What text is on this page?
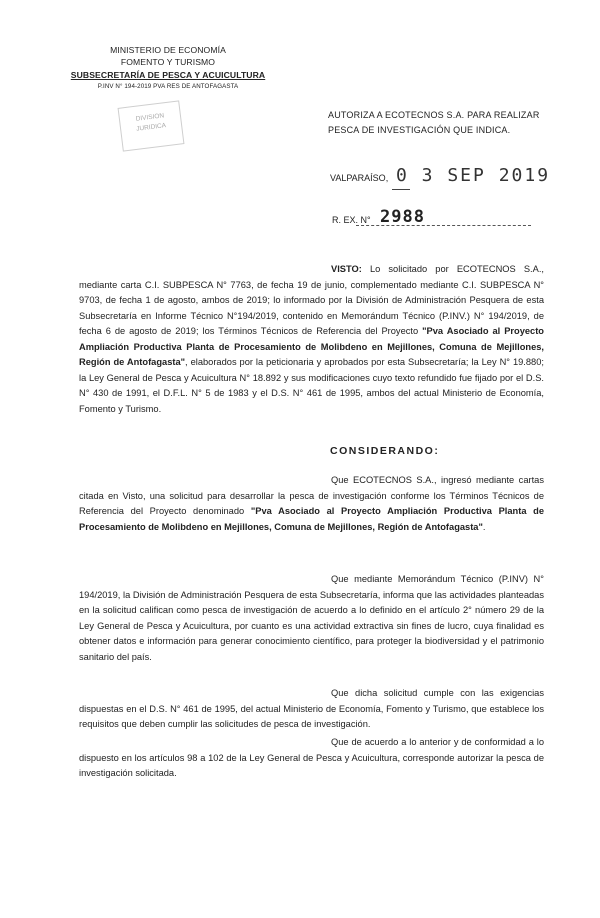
MINISTERIO DE ECONOMÍA
FOMENTO Y TURISMO
SUBSECRETARÍA DE PESCA Y ACUICULTURA
P.INV N° 194-2019 PVA RES DE ANTOFAGASTA
DIVISION JURIDICA
AUTORIZA A ECOTECNOS S.A. PARA REALIZAR PESCA DE INVESTIGACIÓN QUE INDICA.
VALPARAÍSO, 0 3 SEP 2019
R. EX. N° 2988
VISTO: Lo solicitado por ECOTECNOS S.A., mediante carta C.I. SUBPESCA N° 7763, de fecha 19 de junio, complementado mediante C.I. SUBPESCA N° 9703, de fecha 1 de agosto, ambos de 2019; lo informado por la División de Administración Pesquera de esta Subsecretaría en Informe Técnico N°194/2019, contenido en Memorándum Técnico (P.INV.) N° 194/2019, de fecha 6 de agosto de 2019; los Términos Técnicos de Referencia del Proyecto "Pva Asociado al Proyecto Ampliación Productiva Planta de Procesamiento de Molibdeno en Mejillones, Comuna de Mejillones, Región de Antofagasta", elaborados por la peticionaria y aprobados por esta Subsecretaría; la Ley N° 19.880; la Ley General de Pesca y Acuicultura N° 18.892 y sus modificaciones cuyo texto refundido fue fijado por el D.S. N° 430 de 1991, el D.F.L. N° 5 de 1983 y el D.S. N° 461 de 1995, ambos del actual Ministerio de Economía, Fomento y Turismo.
CONSIDERANDO:
Que ECOTECNOS S.A., ingresó mediante cartas citada en Visto, una solicitud para desarrollar la pesca de investigación conforme los Términos Técnicos de Referencia del Proyecto denominado "Pva Asociado al Proyecto Ampliación Productiva Planta de Procesamiento de Molibdeno en Mejillones, Comuna de Mejillones, Región de Antofagasta".
Que mediante Memorándum Técnico (P.INV) N° 194/2019, la División de Administración Pesquera de esta Subsecretaría, informa que las actividades planteadas en la solicitud califican como pesca de investigación de acuerdo a lo definido en el artículo 2° número 29 de la Ley General de Pesca y Acuicultura, por cuanto es una actividad extractiva sin fines de lucro, cuya finalidad es obtener datos e información para generar conocimiento científico, para proteger la biodiversidad y el patrimonio sanitario del país.
Que dicha solicitud cumple con las exigencias dispuestas en el D.S. N° 461 de 1995, del actual Ministerio de Economía, Fomento y Turismo, que establece los requisitos que deben cumplir las solicitudes de pesca de investigación.
Que de acuerdo a lo anterior y de conformidad a lo dispuesto en los artículos 98 a 102 de la Ley General de Pesca y Acuicultura, corresponde autorizar la pesca de investigación solicitada.
